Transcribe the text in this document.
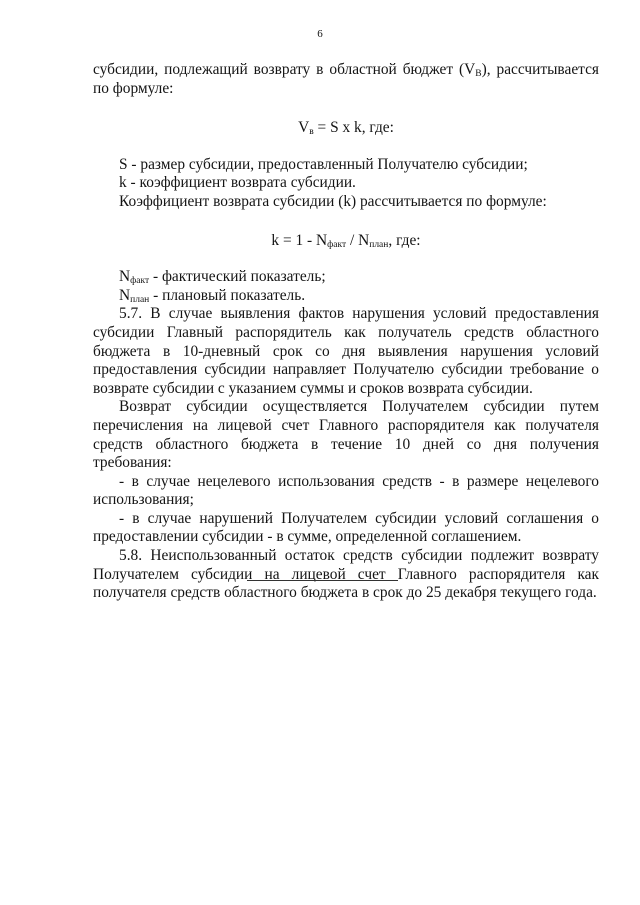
6

субсидии, подлежащий возврату в областной бюджет $(V_B)$, рассчитывается по формуле:

$V_в = S$ x k, где:

S - размер субсидии, предоставленный Получателю субсидии;

k - коэффициент возврата субсидии.

Коэффициент возврата субсидии (k) рассчитывается по формуле:

$k = 1 - N_{факт} / N_{план}$, где:

$N_{факт}$ - фактический показатель;

$N_{план}$ - плановый показатель.

5.7. В случае выявления фактов нарушения условий предоставления субсидии Главный распорядитель как получатель средств областного бюджета в 10-дневный срок со дня выявления нарушения условий предоставления субсидии направляет Получателю субсидии требование о возврате субсидии с указанием суммы и сроков возврата субсидии.

Возврат субсидии осуществляется Получателем субсидии путем перечисления на лицевой счет Главного распорядителя как получателя средств областного бюджета в течение 10 дней со дня получения требования:

- в случае нецелевого использования средств - в размере нецелевого использования;

- в случае нарушений Получателем субсидии условий соглашения о предоставлении субсидии - в сумме, определенной соглашением.

5.8. Неиспользованный остаток средств субсидии подлежит возврату Получателем субсидии на лицевой счет Главного распорядителя как получателя средств областного бюджета в срок до 25 декабря текущего года.
